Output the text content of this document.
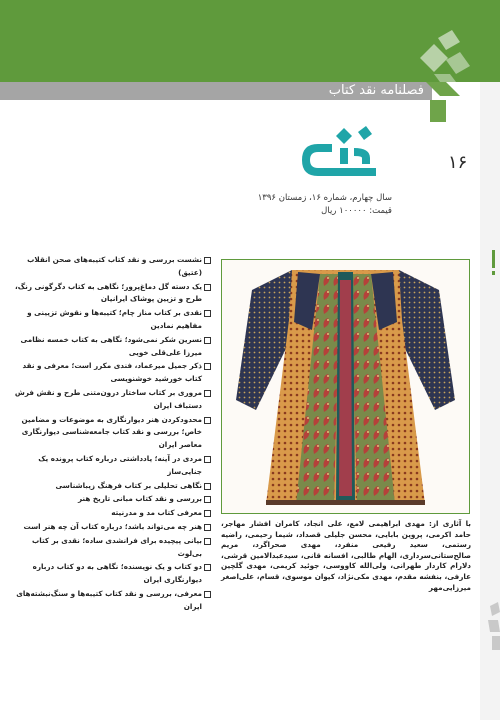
فصلنامه نقد کتاب
۱۶
سال چهارم، شماره ۱۶، زمستان ۱۳۹۶
قیمت: ۱۰۰۰۰۰ ریال
نشست بررسی و نقد کتاب کتیبه‌های صحن انقلاب (عتیق)
یک دسته گل دماغ‌پرور؛ نگاهی به کتاب دگرگونی رنگ، طرح و تزیین پوشاک ایرانیان
نقدی بر کتاب مناز چام؛ کتیبه‌ها و نقوش تزیینی و مفاهیم نمادین
نسرین شکر نمی‌شود؛ نگاهی به کتاب خمسه نظامی میرزا علی‌قلی خویی
ذکر جمیل میرعماد، فندی مکرر است؛ معرفی و نقد کتاب خورشید خوشنویسی
مروری بر کتاب ساختار درون‌متنی طرح و نقش فرش دستباف ایران
محدودکردن هنر دیوارنگاری به موضوعات و مضامین خاص؛ بررسی و نقد کتاب جامعه‌شناسی دیوارنگاری معاصر ایران
مردی در آینه؛ یادداشتی درباره کتاب پرونده یک جنایی‌ساز
نگاهی تحلیلی بر کتاب فرهنگ زیباشناسی
بررسی و نقد کتاب مبانی تاریخ هنر
معرفی کتاب مد و مدرنیته
هنر چه می‌تواند باشد؛ درباره کتاب آن چه هنر است
بیانی پیچیده برای فرانشدی ساده؛ نقدی بر کتاب بی‌لوث
دو کتاب و یک نویسنده؛ نگاهی به دو کتاب درباره دیوارنگاری ایران
معرفی، بررسی و نقد کتاب کتیبه‌ها و سنگ‌نبشته‌های ایران
با آثاری از: مهدی ابراهیمی لامع، علی انجاد، کامران افشار مهاجر، حامد اکرمی، پروین بابایی، محسن جلیلی قصداد، شیما رحیمی، راضیه رستمی، سعید رفیعی منفرد، مهدی صحراگرد، مریم صالح‌ستانی‌سرداری، الهام طالبی، افسانه قانی، سیدعبدالامین قرشی، دلارام کاردار طهرانی، ولی‌الله کاووسی، جوئید کریمی، مهدی گلچین عارفی، بنفشه مقدم، مهدی مکی‌نژاد، کیوان موسوی، قسام، علی‌اصغر میرزایی‌مهر
